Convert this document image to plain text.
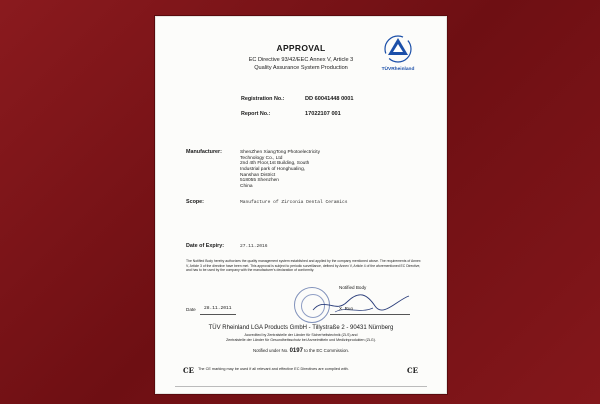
APPROVAL
EC Directive 93/42/EEC Annex V, Article 3
Quality Assurance System Production	TÜVRheinland
Registration No.:	DD 60041448 0001
Report No.:	17022107 001
Manufacturer:	ShenZhen XiangTong Photoelectricity
Technology Co., Ltd
2nd 4th Floor,1st Building, South
Industrial park of Honghualing,
Nanshan District
518055 Shenzhen
China
Scope:	Manufacture of Zirconia Dental Ceramics
Date of Expiry:	27.11.2016
The Notified Body hereby authorizes the quality management system established and applied by the company mentioned above. The requirements of Annex V, Article 3 of the directive have been met. This approval is subject to periodic surveillance, defined by Annex V, Article 4 of the aforementioned EC Directive, and has to be used by the company with the manufacturer's declaration of conformity.
Notified Body
X. Ruo
Date 28.11.2011
TÜV Rheinland LGA Products GmbH - Tillystraße 2 - 90431 Nürnberg
Accredited by Zentralstelle der Länder für Sicherheitstechnik (ZLS) and
Zentralstelle der Länder für Gesundheitsschutz bei Arzneimitteln und Medizinprodukten (ZLG).
Notified under No. 0197 to the EC Commission.
CE The CE marking may be used if all relevant and effective EC Directives are complied with.	CE
